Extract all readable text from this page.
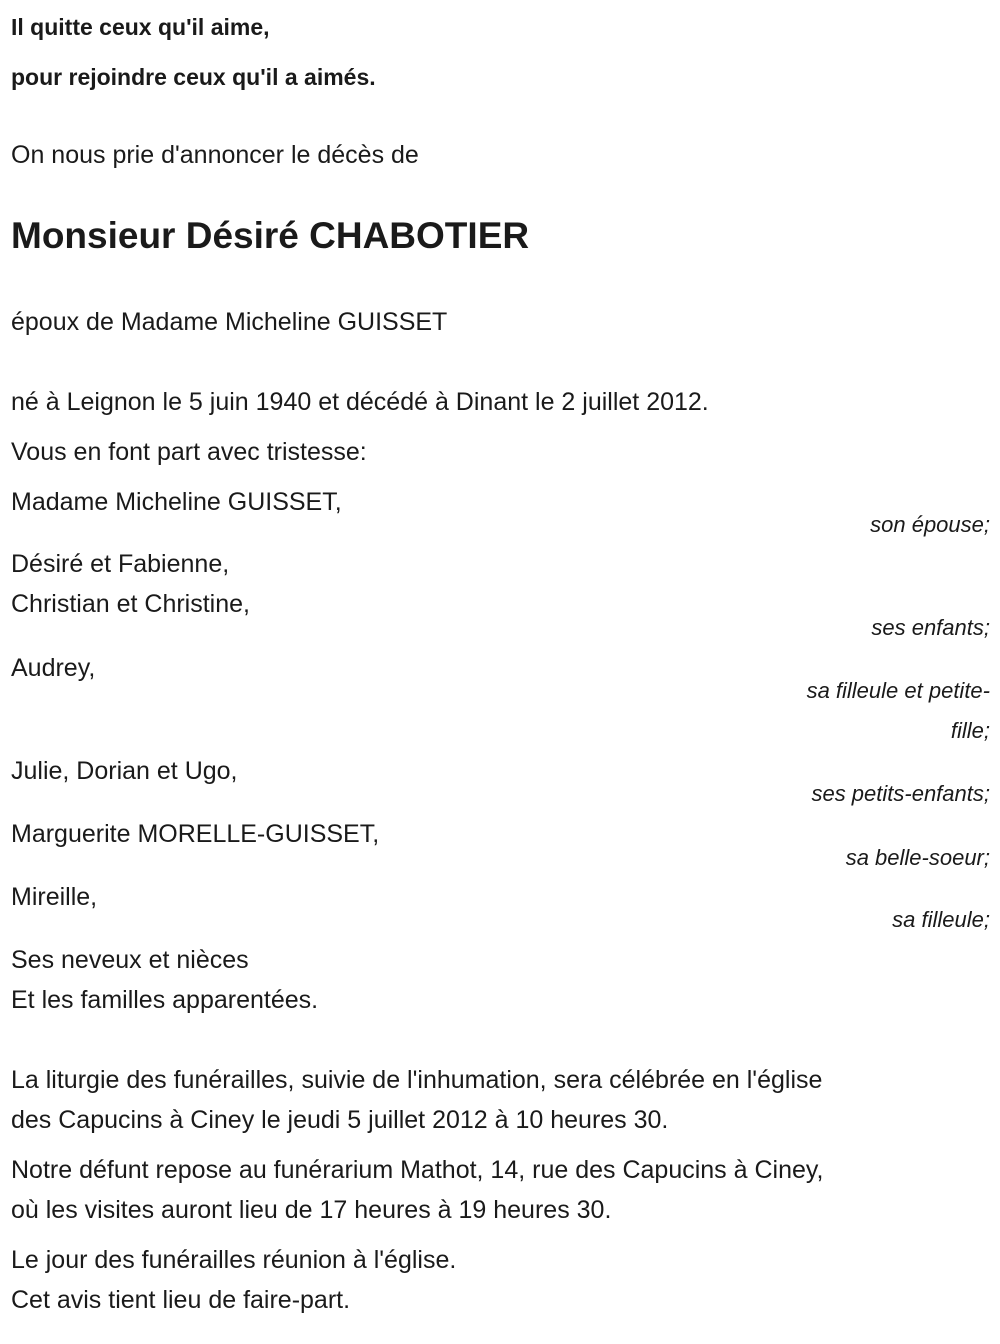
Il quitte ceux qu'il aime,
pour rejoindre ceux qu'il a aimés.
On nous prie d'annoncer le décès de
Monsieur Désiré CHABOTIER
époux de Madame Micheline GUISSET
né à Leignon le 5 juin 1940 et décédé à Dinant le 2 juillet 2012.
Vous en font part avec tristesse:
Madame Micheline GUISSET,
son épouse;
Désiré et Fabienne,
Christian et Christine,
ses enfants;
Audrey,
sa filleule et petite-
fille;
Julie, Dorian et Ugo,
ses petits-enfants;
Marguerite MORELLE-GUISSET,
sa belle-soeur;
Mireille,
sa filleule;
Ses neveux et nièces
Et les familles apparentées.
La liturgie des funérailles, suivie de l'inhumation, sera célébrée en l'église
des Capucins à Ciney le jeudi 5 juillet 2012 à 10 heures 30.
Notre défunt repose au funérarium Mathot, 14, rue des Capucins à Ciney,
où les visites auront lieu de 17 heures à 19 heures 30.
Le jour des funérailles réunion à l'église.
Cet avis tient lieu de faire-part.
